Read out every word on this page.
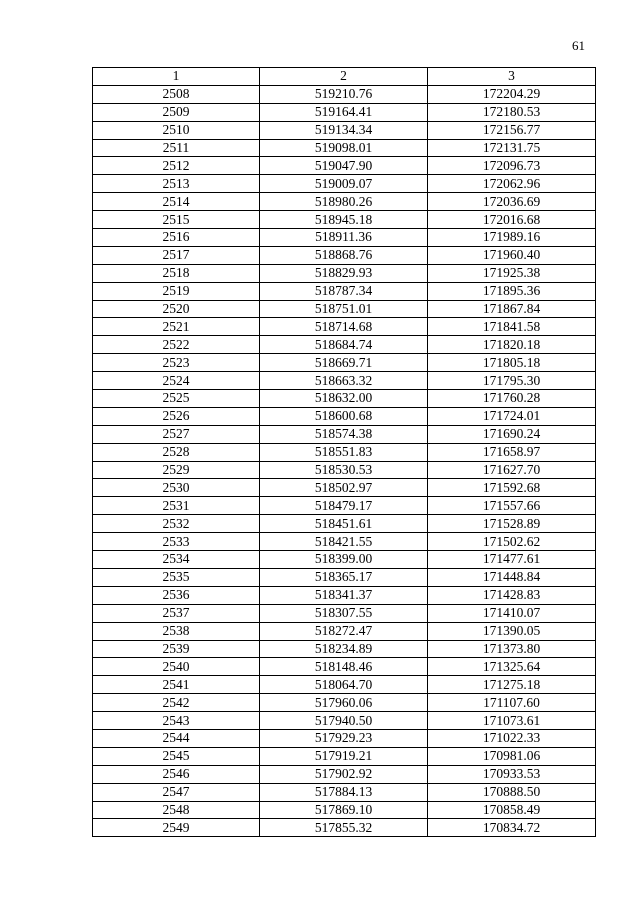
61
1	2	3
2508	519210.76	172204.29
2509	519164.41	172180.53
2510	519134.34	172156.77
2511	519098.01	172131.75
2512	519047.90	172096.73
2513	519009.07	172062.96
2514	518980.26	172036.69
2515	518945.18	172016.68
2516	518911.36	171989.16
2517	518868.76	171960.40
2518	518829.93	171925.38
2519	518787.34	171895.36
2520	518751.01	171867.84
2521	518714.68	171841.58
2522	518684.74	171820.18
2523	518669.71	171805.18
2524	518663.32	171795.30
2525	518632.00	171760.28
2526	518600.68	171724.01
2527	518574.38	171690.24
2528	518551.83	171658.97
2529	518530.53	171627.70
2530	518502.97	171592.68
2531	518479.17	171557.66
2532	518451.61	171528.89
2533	518421.55	171502.62
2534	518399.00	171477.61
2535	518365.17	171448.84
2536	518341.37	171428.83
2537	518307.55	171410.07
2538	518272.47	171390.05
2539	518234.89	171373.80
2540	518148.46	171325.64
2541	518064.70	171275.18
2542	517960.06	171107.60
2543	517940.50	171073.61
2544	517929.23	171022.33
2545	517919.21	170981.06
2546	517902.92	170933.53
2547	517884.13	170888.50
2548	517869.10	170858.49
2549	517855.32	170834.72
